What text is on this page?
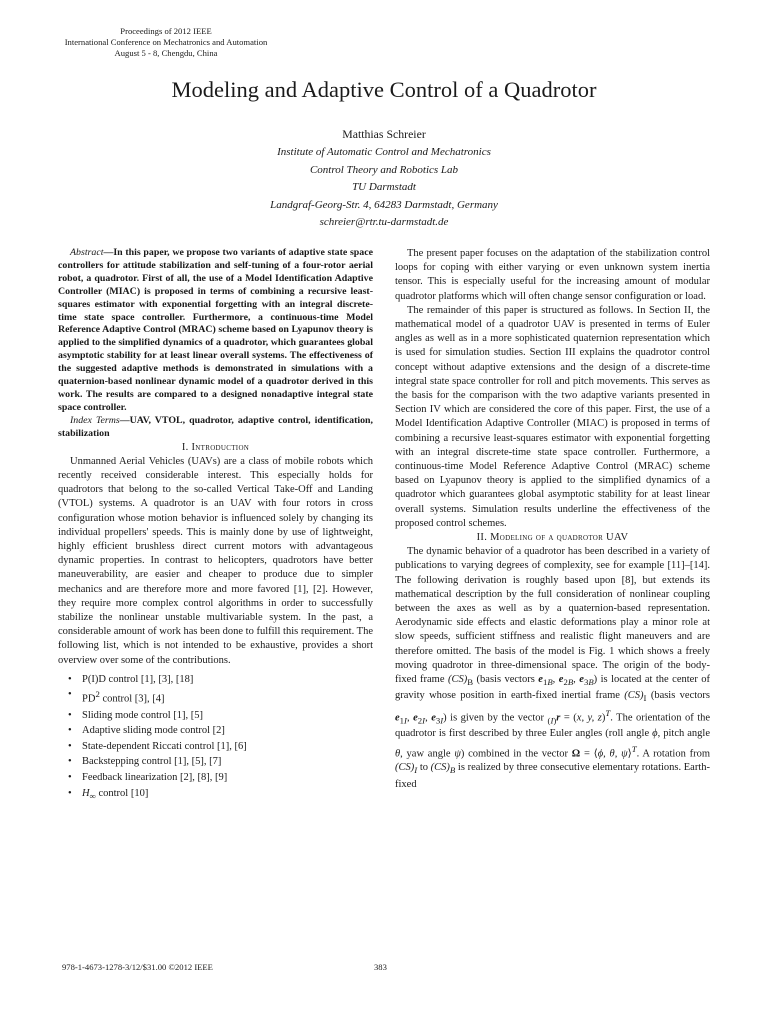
Proceedings of 2012 IEEE
International Conference on Mechatronics and Automation
August 5 - 8, Chengdu, China
Modeling and Adaptive Control of a Quadrotor
Matthias Schreier
Institute of Automatic Control and Mechatronics
Control Theory and Robotics Lab
TU Darmstadt
Landgraf-Georg-Str. 4, 64283 Darmstadt, Germany
schreier@rtr.tu-darmstadt.de

Abstract—In this paper, we propose two variants of adaptive state space controllers for attitude stabilization and self-tuning of a four-rotor aerial robot, a quadrotor. First of all, the use of a Model Identification Adaptive Controller (MIAC) is proposed in terms of combining a recursive least-squares estimator with exponential forgetting with an integral discrete-time state space controller. Furthermore, a continuous-time Model Reference Adaptive Control (MRAC) scheme based on Lyapunov theory is applied to the simplified dynamics of a quadrotor, which guarantees global asymptotic stability for at least linear overall systems. The effectiveness of the suggested adaptive methods is demonstrated in simulations with a quaternion-based nonlinear dynamic model of a quadrotor derived in this work. The results are compared to a designed nonadaptive integral state space controller.

Index Terms—UAV, VTOL, quadrotor, adaptive control, identification, stabilization

I. Introduction

Unmanned Aerial Vehicles (UAVs) are a class of mobile robots which recently received considerable interest. This especially holds for quadrotors that belong to the so-called Vertical Take-Off and Landing (VTOL) systems. A quadrotor is an UAV with four rotors in cross configuration whose motion behavior is influenced solely by changing its individual propellers' speeds. This is mainly done by use of lightweight, highly efficient brushless direct current motors with advantageous dynamic properties. In contrast to helicopters, quadrotors have better maneuverability, are easier and cheaper to produce due to simpler mechanics and are therefore more and more favored [1], [2]. However, they require more complex control algorithms in order to successfully stabilize the nonlinear unstable multivariable system. In the past, a considerable amount of work has been done to fulfill this requirement. The following list, which is not intended to be exhaustive, provides a short overview over some of the contributions.

• P(I)D control [1], [3], [18]
• $PD^2$ control [3], [4]
• Sliding mode control [1], [5]
• Adaptive sliding mode control [2]
• State-dependent Riccati control [1], [6]
• Backstepping control [1], [5], [7]
• Feedback linearization [2], [8], [9]
• $H_\infty$ control [10]

The present paper focuses on the adaptation of the stabilization control loops for coping with either varying or even unknown system inertia tensor. This is especially useful for the increasing amount of modular quadrotor platforms which will often change sensor configuration or load.

The remainder of this paper is structured as follows. In Section II, the mathematical model of a quadrotor UAV is presented in terms of Euler angles as well as in a more sophisticated quaternion representation which is used for simulation studies. Section III explains the quadrotor control concept without adaptive extensions and the design of a discrete-time integral state space controller for roll and pitch movements. This serves as the basis for the comparison with the two adaptive variants presented in Section IV which are considered the core of this paper. First, the use of a Model Identification Adaptive Controller (MIAC) is proposed in terms of combining a recursive least-squares estimator with exponential forgetting with an integral discrete-time state space controller. Furthermore, a continuous-time Model Reference Adaptive Control (MRAC) scheme based on Lyapunov theory is applied to the simplified dynamics of a quadrotor which guarantees global asymptotic stability for at least linear overall systems. Simulation results underline the effectiveness of the proposed control schemes.

II. Modeling of a quadrotor UAV

The dynamic behavior of a quadrotor has been described in a variety of publications to varying degrees of complexity, see for example [11]–[14]. The following derivation is roughly based upon [8], but extends its mathematical description by the full consideration of nonlinear coupling between the axes as well as by a quaternion-based representation. Aerodynamic side effects and elastic deformations play a minor role at slow speeds, sufficient stiffness and realistic flight maneuvers and are therefore omitted. The basis of the model is Fig. 1 which shows a freely moving quadrotor in three-dimensional space. The origin of the body-fixed frame $(CS)_B$ (basis vectors $e_{1B}$, $e_{2B}$, $e_{3B}$) is located at the center of gravity whose position in earth-fixed inertial frame $(CS)_I$ (basis vectors $e_{1I}$, $e_{2I}$, $e_{3I}$) is given by the vector $_{(I)}$r = (x, y, z)$^T$. The orientation of the quadrotor is first described by three Euler angles (roll angle ϕ, pitch angle θ, yaw angle ψ) combined in the vector Ω = ⟨ϕ, θ, ψ⟩$^T$. A rotation from $(CS)_I$ to $(CS)_B$ is realized by three consecutive elementary rotations. Earth-fixed

978-1-4673-1278-3/12/$31.00 ©2012 IEEE	383
